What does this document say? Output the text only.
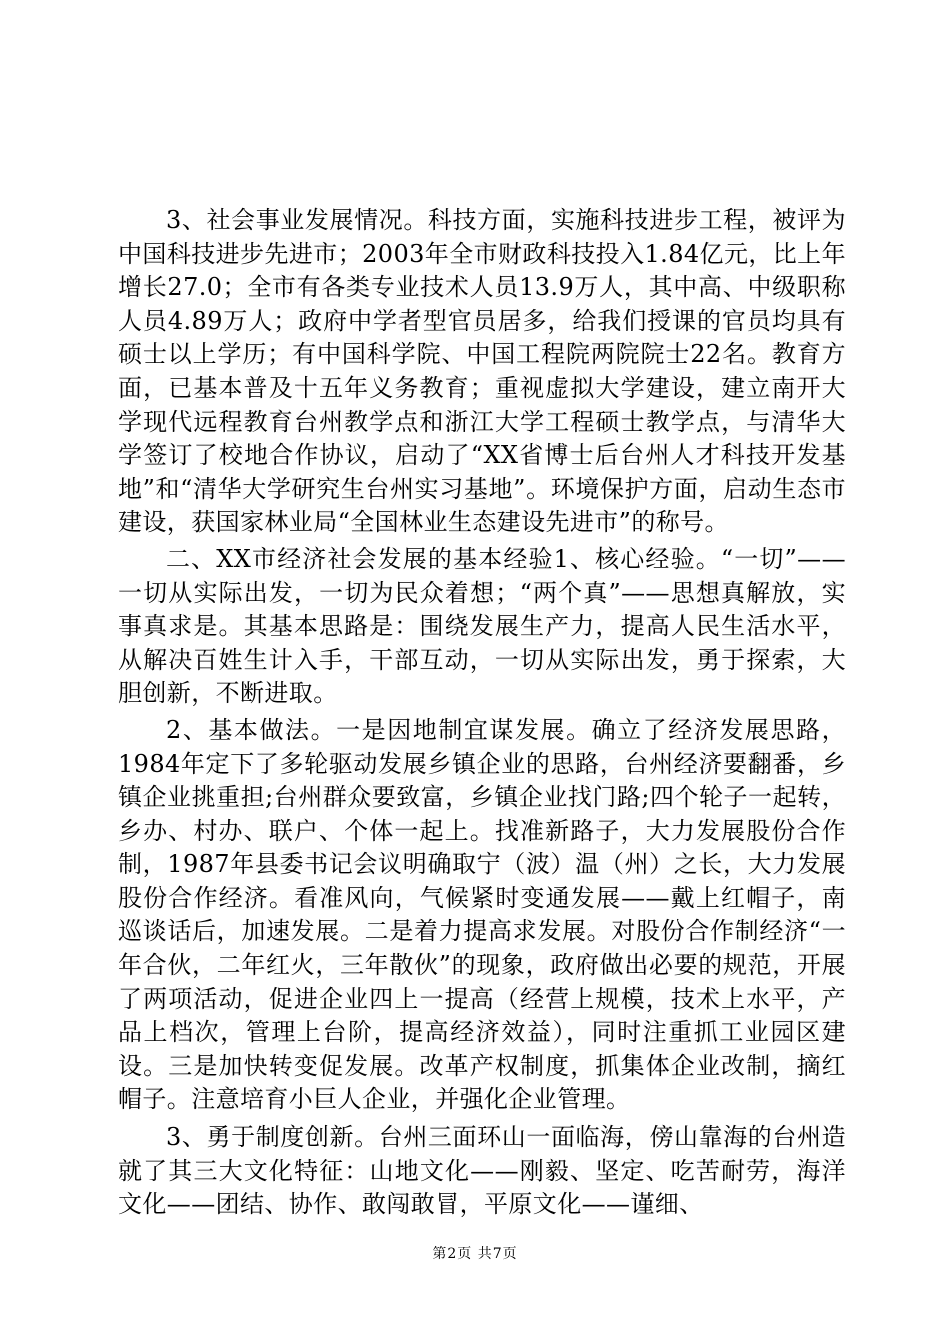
3、社会事业发展情况。科技方面，实施科技进步工程，被评为中国科技进步先进市；2003年全市财政科技投入1.84亿元，比上年增长27.0；全市有各类专业技术人员13.9万人，其中高、中级职称人员4.89万人；政府中学者型官员居多，给我们授课的官员均具有硕士以上学历；有中国科学院、中国工程院两院院士22名。教育方面，已基本普及十五年义务教育；重视虚拟大学建设，建立南开大学现代远程教育台州教学点和浙江大学工程硕士教学点，与清华大学签订了校地合作协议，启动了“XX省博士后台州人才科技开发基地”和“清华大学研究生台州实习基地”。环境保护方面，启动生态市建设，获国家林业局“全国林业生态建设先进市”的称号。

二、XX市经济社会发展的基本经验1、核心经验。“一切”——一切从实际出发，一切为民众着想；“两个真”——思想真解放，实事真求是。其基本思路是：围绕发展生产力，提高人民生活水平，从解决百姓生计入手，干部互动，一切从实际出发，勇于探索，大胆创新，不断进取。

2、基本做法。一是因地制宜谋发展。确立了经济发展思路，1984年定下了多轮驱动发展乡镇企业的思路，台州经济要翻番，乡镇企业挑重担;台州群众要致富，乡镇企业找门路;四个轮子一起转，乡办、村办、联户、个体一起上。找准新路子，大力发展股份合作制，1987年县委书记会议明确取宁（波）温（州）之长，大力发展股份合作经济。看准风向，气候紧时变通发展——戴上红帽子，南巡谈话后，加速发展。二是着力提高求发展。对股份合作制经济“一年合伙，二年红火，三年散伙”的现象，政府做出必要的规范，开展了两项活动，促进企业四上一提高（经营上规模，技术上水平，产品上档次，管理上台阶，提高经济效益），同时注重抓工业园区建设。三是加快转变促发展。改革产权制度，抓集体企业改制，摘红帽子。注意培育小巨人企业，并强化企业管理。

3、勇于制度创新。台州三面环山一面临海，傍山靠海的台州造就了其三大文化特征：山地文化——刚毅、坚定、吃苦耐劳，海洋文化——团结、协作、敢闯敢冒，平原文化——谨细、

第2页 共7页
